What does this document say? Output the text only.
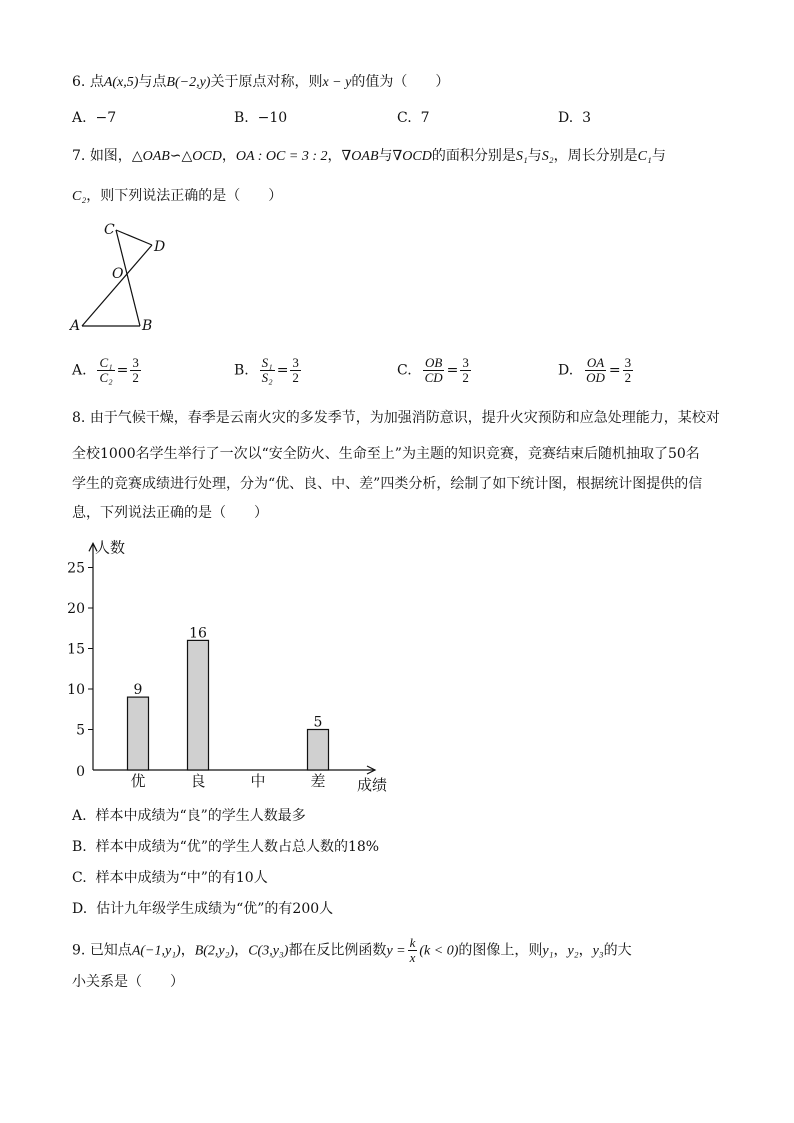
6. 点A(x,5)与点B(−2,y)关于原点对称，则x − y的值为（　　）
A. −7	B. −10	C. 7	D. 3
7. 如图，△OAB∽△OCD，OA : OC = 3 : 2，∇OAB与∇OCD的面积分别是S₁与S₂，周长分别是C₁与
C₂，则下列说法正确的是（　　）
C
D
O
A	B
A. $\frac{\text{C₁}}{\text{C₂}} = \frac{3}{2}$	B. $\frac{\text{S₁}}{\text{S₂}} = \frac{3}{2}$	C. $\frac{OB}{CD} = \frac{3}{2}$	D. $\frac{OA}{OD} = \frac{3}{2}$
8. 由于气候干燥，春季是云南火灾的多发季节，为加强消防意识，提升火灾预防和应急处理能力，某校对
全校1000名学生举行了一次以“安全防火、生命至上”为主题的知识竞赛，竞赛结束后随机抽取了50名
学生的竞赛成绩进行处理，分为“优、良、中、差”四类分析，绘制了如下统计图，根据统计图提供的信
息，下列说法正确的是（　　）
人数
成绩
0
5
10
15
20
25
优
9
良
16
中	差
5
A. 样本中成绩为“良”的学生人数最多
B. 样本中成绩为“优”的学生人数占总人数的18%
C. 样本中成绩为“中”的有10人
D. 估计九年级学生成绩为“优”的有200人
9. 已知点A(−1,y₁)，B(2,y₂)，C(3,y₃)都在反比例函数$y = \frac{k}{x} (k < 0)$的图像上，则y₁，y₂，y₃的大
小关系是（　　）
